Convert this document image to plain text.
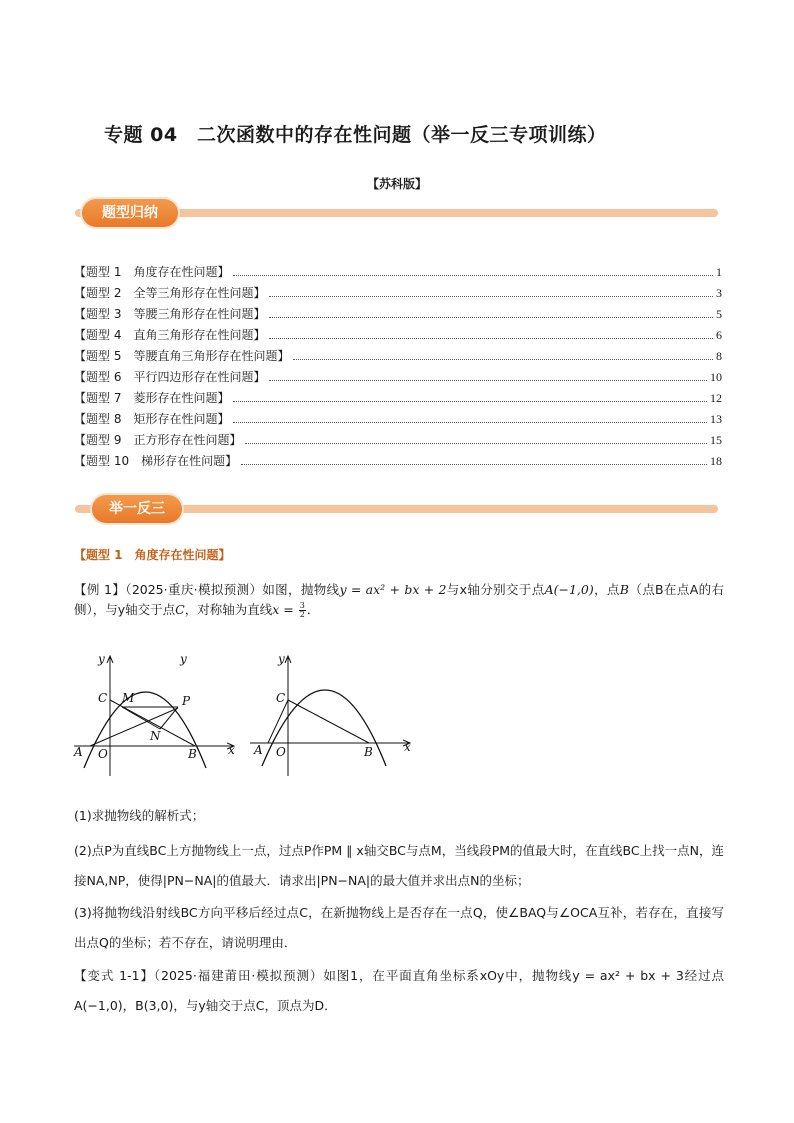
专题 04　二次函数中的存在性问题（举一反三专项训练）
【苏科版】
题型归纳
【题型 1　角度存在性问题】	1
【题型 2　全等三角形存在性问题】	3
【题型 3　等腰三角形存在性问题】	5
【题型 4　直角三角形存在性问题】	6
【题型 5　等腰直角三角形存在性问题】	8
【题型 6　平行四边形存在性问题】	10
【题型 7　菱形存在性问题】	12
【题型 8　矩形存在性问题】	13
【题型 9　正方形存在性问题】	15
【题型 10　梯形存在性问题】	18
举一反三
【题型 1　角度存在性问题】
【例 1】（2025·重庆·模拟预测）如图，抛物线y = ax² + bx + 2与x轴分别交于点A(−1,0)，点B（点B在点A的右侧），与y轴交于点C，对称轴为直线$x = \frac{3}{2}$ ．
y
y
x
A O	B
C M	P
N
y
x
A O	B
C
(1)求抛物线的解析式；
(2)点P为直线BC上方抛物线上一点，过点P作PM ∥ x轴交BC与点M，当线段PM的值最大时，在直线BC上找一点N，连接NA,NP，使得|PN−NA|的值最大．请求出|PN−NA|的最大值并求出点N的坐标；
(3)将抛物线沿射线BC方向平移后经过点C，在新抛物线上是否存在一点Q，使∠BAQ与∠OCA互补，若存在，直接写出点Q的坐标；若不存在，请说明理由．
【变式 1-1】（2025·福建莆田·模拟预测）如图1，在平面直角坐标系xOy中，抛物线y = ax² + bx + 3经过点A(−1,0)，B(3,0)，与y轴交于点C，顶点为D．
